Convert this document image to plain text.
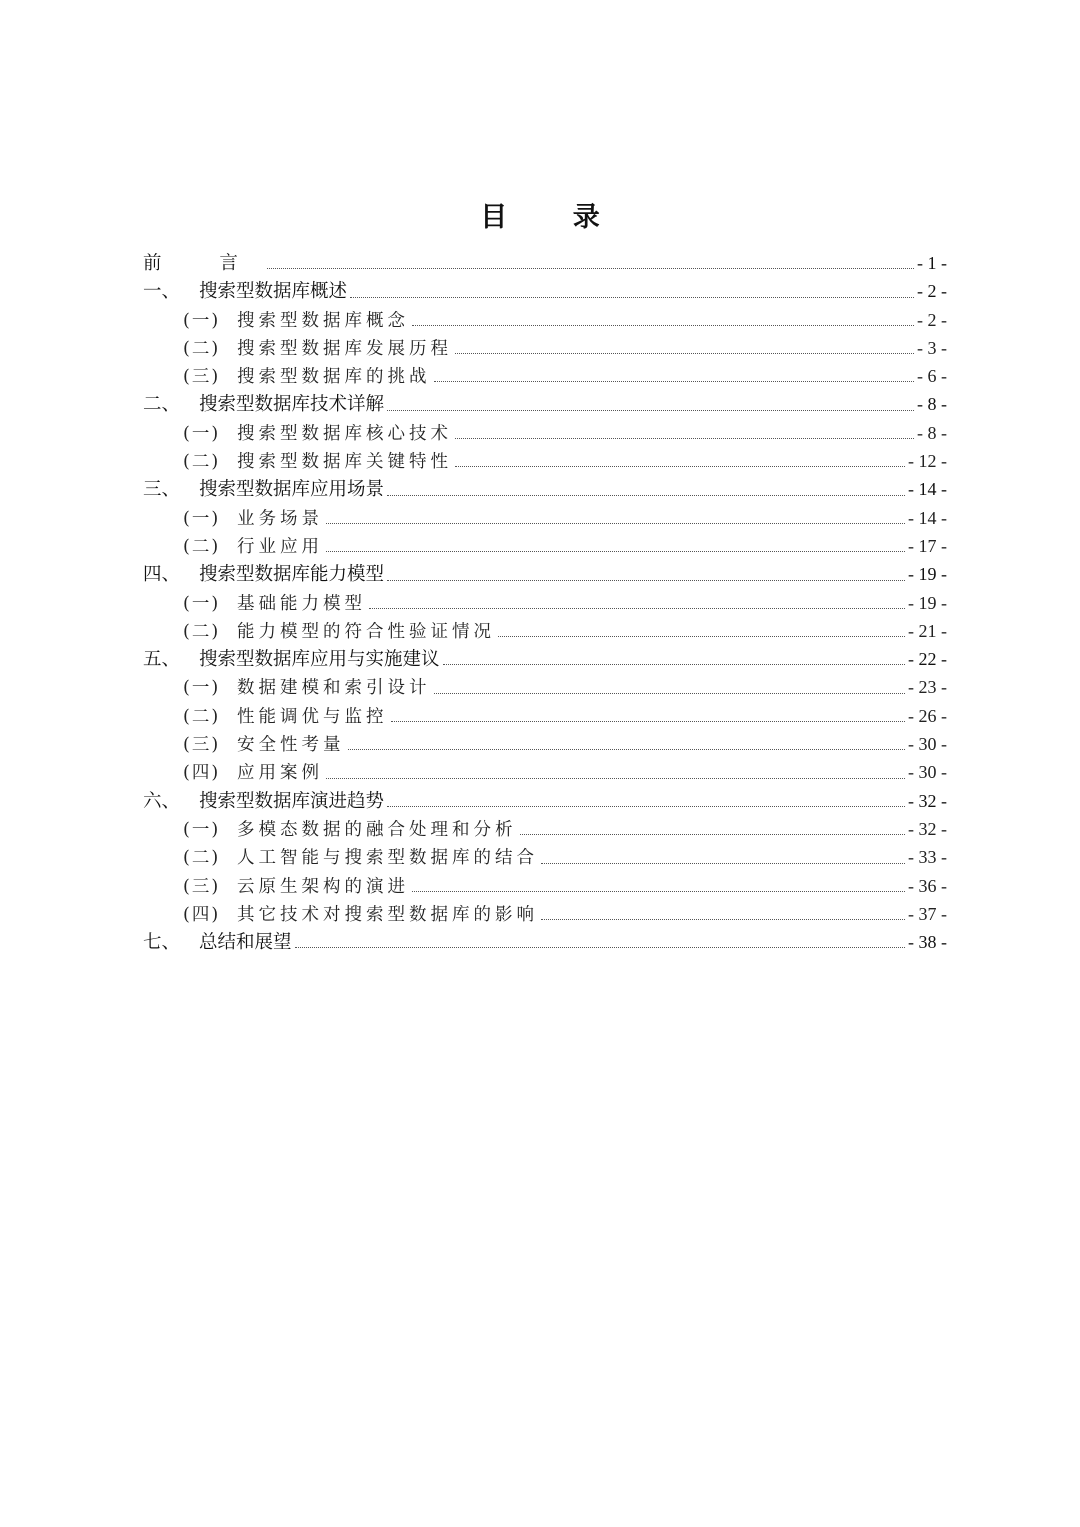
目 录
前 言	- 1 -
一、	搜索型数据库概述	- 2 -
(一) 搜索型数据库概念	- 2 -
(二) 搜索型数据库发展历程	- 3 -
(三) 搜索型数据库的挑战	- 6 -
二、	搜索型数据库技术详解	- 8 -
(一) 搜索型数据库核心技术	- 8 -
(二) 搜索型数据库关键特性	- 12 -
三、	搜索型数据库应用场景	- 14 -
(一) 业务场景	- 14 -
(二) 行业应用	- 17 -
四、	搜索型数据库能力模型	- 19 -
(一) 基础能力模型	- 19 -
(二) 能力模型的符合性验证情况	- 21 -
五、	搜索型数据库应用与实施建议	- 22 -
(一) 数据建模和索引设计	- 23 -
(二) 性能调优与监控	- 26 -
(三) 安全性考量	- 30 -
(四) 应用案例	- 30 -
六、	搜索型数据库演进趋势	- 32 -
(一) 多模态数据的融合处理和分析	- 32 -
(二) 人工智能与搜索型数据库的结合	- 33 -
(三) 云原生架构的演进	- 36 -
(四) 其它技术对搜索型数据库的影响	- 37 -
七、	总结和展望	- 38 -
